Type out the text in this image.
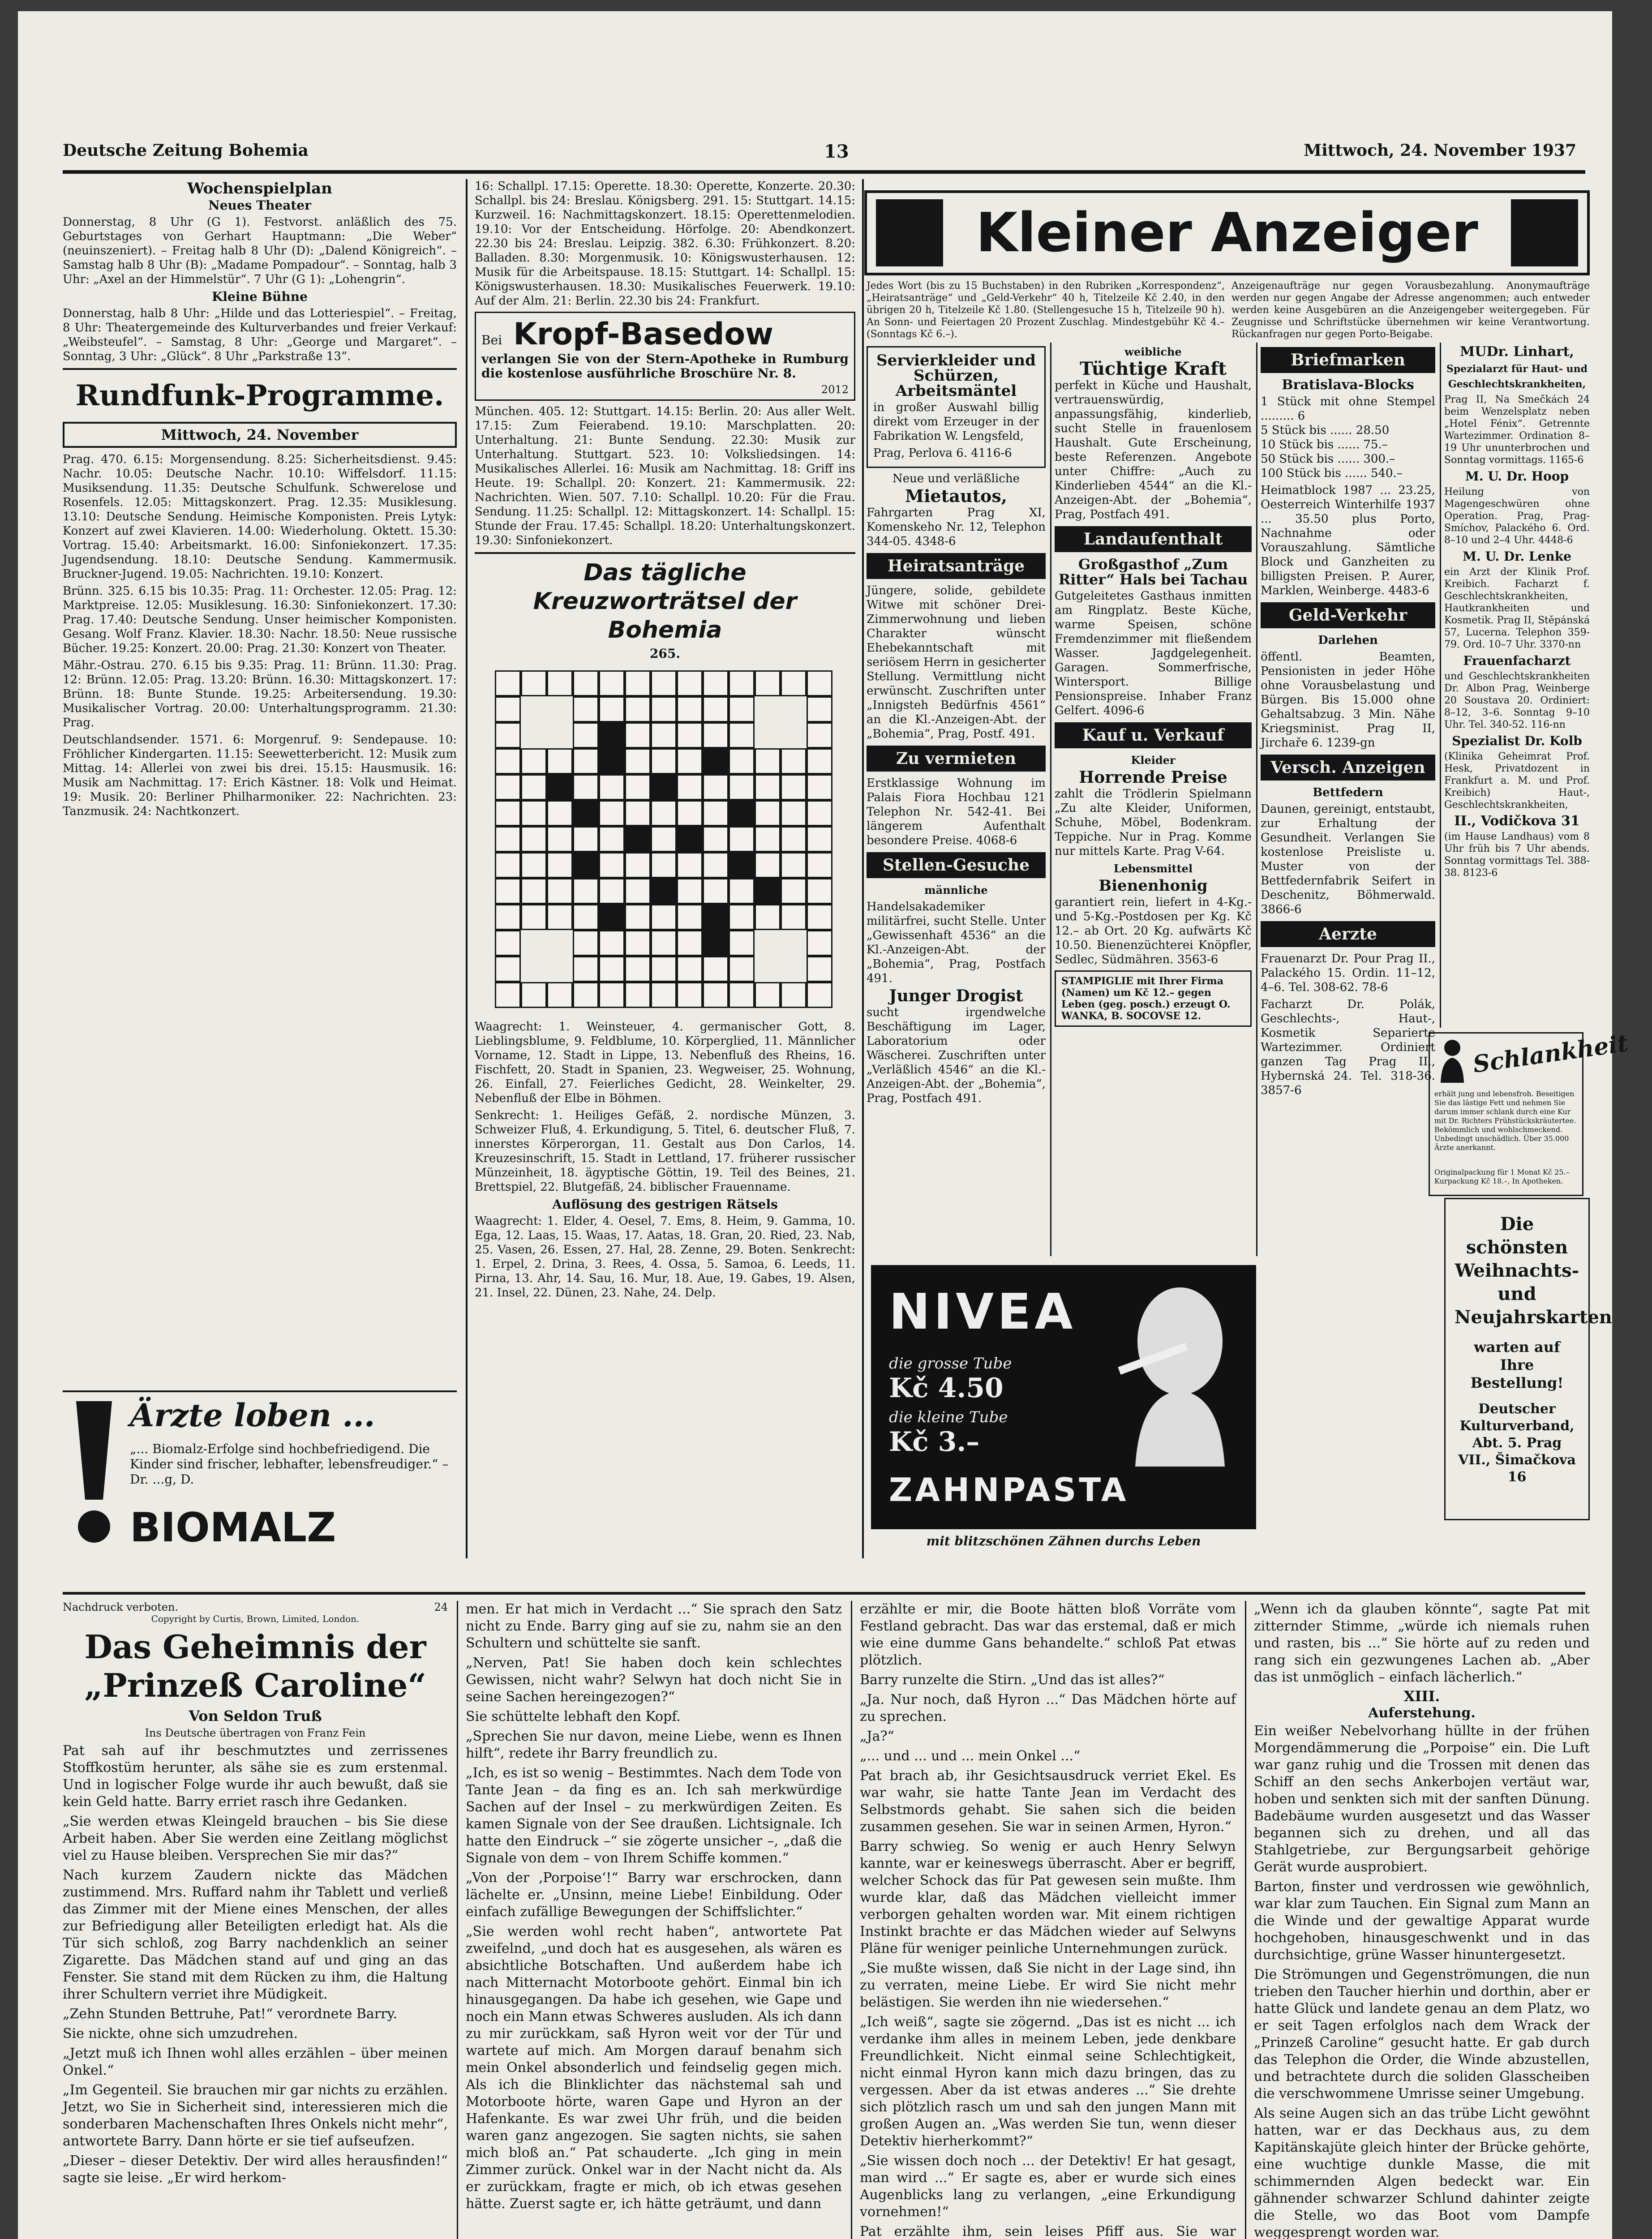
Deutsche Zeitung Bohemia	13	Mittwoch, 24. November 1937
Wochenspielplan
Neues Theater

Donnerstag, 8 Uhr (G 1). Festvorst. anläßlich des 75. Geburtstages von Gerhart Hauptmann: „Die Weber“ (neuinszeniert). – Freitag halb 8 Uhr (D): „Dalend Königreich“. – Samstag halb 8 Uhr (B): „Madame Pompadour“. – Sonntag, halb 3 Uhr: „Axel an der Himmelstür“. 7 Uhr (G 1): „Lohengrin“.

Kleine Bühne

Donnerstag, halb 8 Uhr: „Hilde und das Lotteriespiel“. – Freitag, 8 Uhr: Theatergemeinde des Kulturverbandes und freier Verkauf: „Weibsteufel“. – Samstag, 8 Uhr: „George und Margaret“. – Sonntag, 3 Uhr: „Glück“. 8 Uhr „Parkstraße 13“.

Rundfunk-Programme.
Mittwoch, 24. November

Prag. 470. 6.15: Morgensendung. 8.25: Sicherheitsdienst. 9.45: Nachr. 10.05: Deutsche Nachr. 10.10: Wiffelsdorf. 11.15: Musiksendung. 11.35: Deutsche Schulfunk. Schwerelose und Rosenfels. 12.05: Mittagskonzert. Prag. 12.35: Musiklesung. 13.10: Deutsche Sendung. Heimische Komponisten. Preis Lytyk: Konzert auf zwei Klavieren. 14.00: Wiederholung. Oktett. 15.30: Vortrag. 15.40: Arbeitsmarkt. 16.00: Sinfoniekonzert. 17.35: Jugendsendung. 18.10: Deutsche Sendung. Kammermusik. Bruckner-Jugend. 19.05: Nachrichten. 19.10: Konzert.

Brünn. 325. 6.15 bis 10.35: Prag. 11: Orchester. 12.05: Prag. 12: Marktpreise. 12.05: Musiklesung. 16.30: Sinfoniekonzert. 17.30: Prag. 17.40: Deutsche Sendung. Unser heimischer Komponisten. Gesang. Wolf Franz. Klavier. 18.30: Nachr. 18.50: Neue russische Bücher. 19.25: Konzert. 20.00: Prag. 21.30: Konzert von Theater.

Mähr.-Ostrau. 270. 6.15 bis 9.35: Prag. 11: Brünn. 11.30: Prag. 12: Brünn. 12.05: Prag. 13.20: Brünn. 16.30: Mittagskonzert. 17: Brünn. 18: Bunte Stunde. 19.25: Arbeitersendung. 19.30: Musikalischer Vortrag. 20.00: Unterhaltungsprogramm. 21.30: Prag.

Deutschlandsender. 1571. 6: Morgenruf. 9: Sendepause. 10: Fröhlicher Kindergarten. 11.15: Seewetterbericht. 12: Musik zum Mittag. 14: Allerlei von zwei bis drei. 15.15: Hausmusik. 16: Musik am Nachmittag. 17: Erich Kästner. 18: Volk und Heimat. 19: Musik. 20: Berliner Philharmoniker. 22: Nachrichten. 23: Tanzmusik. 24: Nachtkonzert.

Ärzte loben ...
„... Biomalz-Erfolge sind hochbefriedigend. Die Kinder sind frischer, lebhafter, lebensfreudiger.“ – Dr. ...g, D.
BIOMALZ

16: Schallpl. 17.15: Operette. 18.30: Operette, Konzerte. 20.30: Schallpl. bis 24: Breslau. Königsberg. 291. 15: Stuttgart. 14.15: Kurzweil. 16: Nachmittagskonzert. 18.15: Operettenmelodien. 19.10: Vor der Entscheidung. Hörfolge. 20: Abendkonzert. 22.30 bis 24: Breslau. Leipzig. 382. 6.30: Frühkonzert. 8.20: Balladen. 8.30: Morgenmusik. 10: Königswusterhausen. 12: Musik für die Arbeitspause. 18.15: Stuttgart. 14: Schallpl. 15: Königswusterhausen. 18.30: Musikalisches Feuerwerk. 19.10: Auf der Alm. 21: Berlin. 22.30 bis 24: Frankfurt.

Bei Kropf-Basedow

verlangen Sie von der Stern-Apotheke in Rumburg die kostenlose ausführliche Broschüre Nr. 8.

2012

München. 405. 12: Stuttgart. 14.15: Berlin. 20: Aus aller Welt. 17.15: Zum Feierabend. 19.10: Marschplatten. 20: Unterhaltung. 21: Bunte Sendung. 22.30: Musik zur Unterhaltung. Stuttgart. 523. 10: Volksliedsingen. 14: Musikalisches Allerlei. 16: Musik am Nachmittag. 18: Griff ins Heute. 19: Schallpl. 20: Konzert. 21: Kammermusik. 22: Nachrichten. Wien. 507. 7.10: Schallpl. 10.20: Für die Frau. Sendung. 11.25: Schallpl. 12: Mittagskonzert. 14: Schallpl. 15: Stunde der Frau. 17.45: Schallpl. 18.20: Unterhaltungskonzert. 19.30: Sinfoniekonzert.

Das tägliche Kreuzworträtsel der Bohemia
265.

Waagrecht: 1. Weinsteuer, 4. germanischer Gott, 8. Lieblingsblume, 9. Feldblume, 10. Körperglied, 11. Männlicher Vorname, 12. Stadt in Lippe, 13. Nebenfluß des Rheins, 16. Fischfett, 20. Stadt in Spanien, 23. Wegweiser, 25. Wohnung, 26. Einfall, 27. Feierliches Gedicht, 28. Weinkelter, 29. Nebenfluß der Elbe in Böhmen.

Senkrecht: 1. Heiliges Gefäß, 2. nordische Münzen, 3. Schweizer Fluß, 4. Erkundigung, 5. Titel, 6. deutscher Fluß, 7. innerstes Körperorgan, 11. Gestalt aus Don Carlos, 14. Kreuzesinschrift, 15. Stadt in Lettland, 17. früherer russischer Münzeinheit, 18. ägyptische Göttin, 19. Teil des Beines, 21. Brettspiel, 22. Blutgefäß, 24. biblischer Frauenname.

Auflösung des gestrigen Rätsels

Waagrecht: 1. Elder, 4. Oesel, 7. Ems, 8. Heim, 9. Gamma, 10. Ega, 12. Laas, 15. Waas, 17. Aatas, 18. Gran, 20. Ried, 23. Nab, 25. Vasen, 26. Essen, 27. Hal, 28. Zenne, 29. Boten. Senkrecht: 1. Erpel, 2. Drina, 3. Rees, 4. Ossa, 5. Samoa, 6. Leeds, 11. Pirna, 13. Ahr, 14. Sau, 16. Mur, 18. Aue, 19. Gabes, 19. Alsen, 21. Insel, 22. Dünen, 23. Nahe, 24. Delp.

Kleiner Anzeiger

Jedes Wort (bis zu 15 Buchstaben) in den Rubriken „Korrespondenz“, „Heiratsanträge“ und „Geld-Verkehr“ 40 h, Titelzeile Kč 2.40, in den übrigen 20 h, Titelzeile Kč 1.80. (Stellengesuche 15 h, Titelzeile 90 h). An Sonn- und Feiertagen 20 Prozent Zuschlag. Mindestgebühr Kč 4.– (Sonntags Kč 6.–).

Anzeigenaufträge nur gegen Vorausbezahlung. Anonymaufträge werden nur gegen Angabe der Adresse angenommen; auch entweder werden keine Ausgebüren an die Anzeigengeber weitergegeben. Für Zeugnisse und Schriftstücke übernehmen wir keine Verantwortung. Rückanfragen nur gegen Porto-Beigabe.

Servierkleider und Schürzen, Arbeitsmäntel

in großer Auswahl billig direkt vom Erzeuger in der Fabrikation W. Lengsfeld,

Prag, Perlova 6. 4116-6

Neue und verläßliche

Mietautos,

Fahrgarten Prag XI, Komenskeho Nr. 12, Telephon 344-05. 4348-6

Heiratsanträge

Jüngere, solide, gebildete Witwe mit schöner Drei-Zimmerwohnung und lieben Charakter wünscht Ehebekanntschaft mit seriösem Herrn in gesicherter Stellung. Vermittlung nicht erwünscht. Zuschriften unter „Innigsteh Bedürfnis 4561“ an die Kl.-Anzeigen-Abt. der „Bohemia“, Prag, Postf. 491.

Zu vermieten

Erstklassige Wohnung im Palais Fiora Hochbau 121 Telephon Nr. 542-41. Bei längerem Aufenthalt besondere Preise. 4068-6

Stellen-Gesuche
männliche

Handelsakademiker militärfrei, sucht Stelle. Unter „Gewissenhaft 4536“ an die Kl.-Anzeigen-Abt. der „Bohemia“, Prag, Postfach 491.

Junger Drogist

sucht irgendwelche Beschäftigung im Lager, Laboratorium oder Wäscherei. Zuschriften unter „Verläßlich 4546“ an die Kl.-Anzeigen-Abt. der „Bohemia“, Prag, Postfach 491.

weibliche
Tüchtige Kraft

perfekt in Küche und Haushalt, vertrauenswürdig, anpassungsfähig, kinderlieb, sucht Stelle in frauenlosem Haushalt. Gute Erscheinung, beste Referenzen. Angebote unter Chiffre: „Auch zu Kinderlieben 4544“ an die Kl.-Anzeigen-Abt. der „Bohemia“, Prag, Postfach 491.

Landaufenthalt
Großgasthof „Zum Ritter“ Hals bei Tachau

Gutgeleitetes Gasthaus inmitten am Ringplatz. Beste Küche, warme Speisen, schöne Fremdenzimmer mit fließendem Wasser. Jagdgelegenheit. Garagen. Sommerfrische, Wintersport. Billige Pensionspreise. Inhaber Franz Gelfert. 4096-6

Kauf u. Verkauf
Kleider
Horrende Preise

zahlt die Trödlerin Spielmann „Zu alte Kleider, Uniformen, Schuhe, Möbel, Bodenkram. Teppiche. Nur in Prag. Komme nur mittels Karte. Prag V-64.

Lebensmittel
Bienenhonig

garantiert rein, liefert in 4-Kg.- und 5-Kg.-Postdosen per Kg. Kč 12.– ab Ort. 20 Kg. aufwärts Kč 10.50. Bienenzüchterei Knöpfler, Sedlec, Südmähren. 3563-6

STAMPIGLIE mit Ihrer Firma (Namen) um Kč 12.– gegen Leben (geg. posch.) erzeugt O. WANKA, B. SOCOVSE 12.
Briefmarken
Bratislava-Blocks

1 Stück mit ohne Stempel ......... 6

5 Stück bis ...... 28.50

10 Stück bis ...... 75.–

50 Stück bis ...... 300.–

100 Stück bis ...... 540.–

Heimatblock 1987 ... 23.25, Oesterreich Winterhilfe 1937 ... 35.50 plus Porto, Nachnahme oder Vorauszahlung. Sämtliche Block und Ganzheiten zu billigsten Preisen. P. Aurer, Marklen, Weinberge. 4483-6

Geld-Verkehr
Darlehen

öffentl. Beamten, Pensionisten in jeder Höhe ohne Vorausbelastung und Bürgen. Bis 15.000 ohne Gehaltsabzug. 3 Min. Nähe Kriegsminist. Prag II, Jirchaře 6. 1239-gn

Versch. Anzeigen
Bettfedern

Daunen, gereinigt, entstaubt, zur Erhaltung der Gesundheit. Verlangen Sie kostenlose Preisliste u. Muster von der Bettfedernfabrik Seifert in Deschenitz, Böhmerwald. 3866-6

Aerzte

Frauenarzt Dr. Pour Prag II., Palackého 15. Ordin. 11–12, 4–6. Tel. 308-62. 78-6

Facharzt Dr. Polák, Geschlechts-, Haut-, Kosmetik Separierte Wartezimmer. Ordiniert ganzen Tag Prag II., Hybernská 24. Tel. 318-36. 3857-6

MUDr. Linhart,
Spezialarzt für Haut- und Geschlechtskrankheiten,

Prag II, Na Smečkách 24 beim Wenzelsplatz neben „Hotel Fénix“. Getrennte Wartezimmer. Ordination 8–19 Uhr ununterbrochen und Sonntag vormittags. 1165-6

M. U. Dr. Hoop

Heilung von Magengeschwüren ohne Operation. Prag, Prag-Smíchov, Palackého 6. Ord. 8–10 und 2–4 Uhr. 4448-6

M. U. Dr. Lenke

ein Arzt der Klinik Prof. Kreibich. Facharzt f. Geschlechtskrankheiten, Hautkrankheiten und Kosmetik. Prag II, Stěpánská 57, Lucerna. Telephon 359-79. Ord. 10–7 Uhr. 3370-nn

Frauenfacharzt

und Geschlechtskrankheiten Dr. Albon Prag, Weinberge 20 Soustava 20. Ordiniert: 8–12, 3–6. Sonntag 9–10 Uhr. Tel. 340-52. 116-nn

Spezialist Dr. Kolb

(Klinika Geheimrat Prof. Hesk, Privatdozent in Frankfurt a. M. und Prof. Kreibich) Haut-, Geschlechtskrankheiten,

II., Vodičkova 31

(im Hause Landhaus) vom 8 Uhr früh bis 7 Uhr abends. Sonntag vormittags Tel. 388-38. 8123-6

Schlankheit
erhält jung und lebensfroh. Beseitigen Sie das lästige Fett und nehmen Sie darum immer schlank durch eine Kur mit Dr. Richters Frühstückskräutertee. Bekömmlich und wohlschmeckend. Unbedingt unschädlich. Über 35.000 Ärzte anerkannt.
Originalpackung für 1 Monat Kč 25.– Kurpackung Kč 18.–, In Apotheken.
Die schönsten Weihnachts- und Neujahrskarten
warten auf Ihre Bestellung!
Deutscher Kulturverband, Abt. 5. Prag VII., Šimačkova 16
NIVEA
die grosse Tube
Kč 4.50
die kleine Tube
Kč 3.–
ZAHNPASTA
mit blitzschönen Zähnen durchs Leben
Nachdruck verboten.	24
Copyright by Curtis, Brown, Limited, London.
Das Geheimnis der „Prinzeß Caroline“
Von Seldon Truß
Ins Deutsche übertragen von Franz Fein

Pat sah auf ihr beschmutztes und zerrissenes Stoffkostüm herunter, als sähe sie es zum erstenmal. Und in logischer Folge wurde ihr auch bewußt, daß sie kein Geld hatte. Barry erriet rasch ihre Gedanken.

„Sie werden etwas Kleingeld brauchen – bis Sie diese Arbeit haben. Aber Sie werden eine Zeitlang möglichst viel zu Hause bleiben. Versprechen Sie mir das?“

Nach kurzem Zaudern nickte das Mädchen zustimmend. Mrs. Ruffard nahm ihr Tablett und verließ das Zimmer mit der Miene eines Menschen, der alles zur Befriedigung aller Beteiligten erledigt hat. Als die Tür sich schloß, zog Barry nachdenklich an seiner Zigarette. Das Mädchen stand auf und ging an das Fenster. Sie stand mit dem Rücken zu ihm, die Haltung ihrer Schultern verriet ihre Müdigkeit.

„Zehn Stunden Bettruhe, Pat!“ verordnete Barry.

Sie nickte, ohne sich umzudrehen.

„Jetzt muß ich Ihnen wohl alles erzählen – über meinen Onkel.“

„Im Gegenteil. Sie brauchen mir gar nichts zu erzählen. Jetzt, wo Sie in Sicherheit sind, interessieren mich die sonderbaren Machenschaften Ihres Onkels nicht mehr“, antwortete Barry. Dann hörte er sie tief aufseufzen.

„Dieser – dieser Detektiv. Der wird alles herausfinden!“ sagte sie leise. „Er wird herkom-

men. Er hat mich in Verdacht ...“ Sie sprach den Satz nicht zu Ende. Barry ging auf sie zu, nahm sie an den Schultern und schüttelte sie sanft.

„Nerven, Pat! Sie haben doch kein schlechtes Gewissen, nicht wahr? Selwyn hat doch nicht Sie in seine Sachen hereingezogen?“

Sie schüttelte lebhaft den Kopf.

„Sprechen Sie nur davon, meine Liebe, wenn es Ihnen hilft“, redete ihr Barry freundlich zu.

„Ich, es ist so wenig – Bestimmtes. Nach dem Tode von Tante Jean – da fing es an. Ich sah merkwürdige Sachen auf der Insel – zu merkwürdigen Zeiten. Es kamen Signale von der See draußen. Lichtsignale. Ich hatte den Eindruck –“ sie zögerte unsicher –, „daß die Signale von dem – von Ihrem Schiffe kommen.“

„Von der ‚Porpoise‘!“ Barry war erschrocken, dann lächelte er. „Unsinn, meine Liebe! Einbildung. Oder einfach zufällige Bewegungen der Schiffslichter.“

„Sie werden wohl recht haben“, antwortete Pat zweifelnd, „und doch hat es ausgesehen, als wären es absichtliche Botschaften. Und außerdem habe ich nach Mitternacht Motorboote gehört. Einmal bin ich hinausgegangen. Da habe ich gesehen, wie Gape und noch ein Mann etwas Schweres ausluden. Als ich dann zu mir zurückkam, saß Hyron weit vor der Tür und wartete auf mich. Am Morgen darauf benahm sich mein Onkel absonderlich und feindselig gegen mich. Als ich die Blinklichter das nächstemal sah und Motorboote hörte, waren Gape und Hyron an der Hafenkante. Es war zwei Uhr früh, und die beiden waren ganz angezogen. Sie sagten nichts, sie sahen mich bloß an.“ Pat schauderte. „Ich ging in mein Zimmer zurück. Onkel war in der Nacht nicht da. Als er zurückkam, fragte er mich, ob ich etwas gesehen hätte. Zuerst sagte er, ich hätte geträumt, und dann

erzählte er mir, die Boote hätten bloß Vorräte vom Festland gebracht. Das war das erstemal, daß er mich wie eine dumme Gans behandelte.“ schloß Pat etwas plötzlich.

Barry runzelte die Stirn. „Und das ist alles?“

„Ja. Nur noch, daß Hyron ...“ Das Mädchen hörte auf zu sprechen.

„Ja?“

„... und ... und ... mein Onkel ...“

Pat brach ab, ihr Gesichtsausdruck verriet Ekel. Es war wahr, sie hatte Tante Jean im Verdacht des Selbstmords gehabt. Sie sahen sich die beiden zusammen gesehen. Sie war in seinen Armen, Hyron.“

Barry schwieg. So wenig er auch Henry Selwyn kannte, war er keineswegs überrascht. Aber er begriff, welcher Schock das für Pat gewesen sein mußte. Ihm wurde klar, daß das Mädchen vielleicht immer verborgen gehalten worden war. Mit einem richtigen Instinkt brachte er das Mädchen wieder auf Selwyns Pläne für weniger peinliche Unternehmungen zurück.

„Sie mußte wissen, daß Sie nicht in der Lage sind, ihn zu verraten, meine Liebe. Er wird Sie nicht mehr belästigen. Sie werden ihn nie wiedersehen.“

„Ich weiß“, sagte sie zögernd. „Das ist es nicht ... ich verdanke ihm alles in meinem Leben, jede denkbare Freundlichkeit. Nicht einmal seine Schlechtigkeit, nicht einmal Hyron kann mich dazu bringen, das zu vergessen. Aber da ist etwas anderes ...“ Sie drehte sich plötzlich rasch um und sah den jungen Mann mit großen Augen an. „Was werden Sie tun, wenn dieser Detektiv hierherkommt?“

„Sie wissen doch noch ... der Detektiv! Er hat gesagt, man wird ...“ Er sagte es, aber er wurde sich eines Augenblicks lang zu verlangen, „eine Erkundigung vornehmen!“

Pat erzählte ihm, sein leises Pfiff aus. Sie war

„Wenn ich da glauben könnte“, sagte Pat mit zitternder Stimme, „würde ich niemals ruhen und rasten, bis ...“ Sie hörte auf zu reden und rang sich ein gezwungenes Lachen ab. „Aber das ist unmöglich – einfach lächerlich.“

XIII.
Auferstehung.

Ein weißer Nebelvorhang hüllte in der frühen Morgendämmerung die „Porpoise“ ein. Die Luft war ganz ruhig und die Trossen mit denen das Schiff an den sechs Ankerbojen vertäut war, hoben und senkten sich mit der sanften Dünung. Badebäume wurden ausgesetzt und das Wasser begannen sich zu drehen, und all das Stahlgetriebe, zur Bergungsarbeit gehörige Gerät wurde ausprobiert.

Barton, finster und verdrossen wie gewöhnlich, war klar zum Tauchen. Ein Signal zum Mann an die Winde und der gewaltige Apparat wurde hochgehoben, hinausgeschwenkt und in das durchsichtige, grüne Wasser hinuntergesetzt.

Die Strömungen und Gegenströmungen, die nun trieben den Taucher hierhin und dorthin, aber er hatte Glück und landete genau an dem Platz, wo er seit Tagen erfolglos nach dem Wrack der „Prinzeß Caroline“ gesucht hatte. Er gab durch das Telephon die Order, die Winde abzustellen, und betrachtete durch die soliden Glasscheiben die verschwommene Umrisse seiner Umgebung.

Als seine Augen sich an das trübe Licht gewöhnt hatten, war er das Deckhaus aus, zu dem Kapitänskajüte gleich hinter der Brücke gehörte, eine wuchtige dunkle Masse, die mit schimmernden Algen bedeckt war. Ein gähnender schwarzer Schlund dahinter zeigte die Stelle, wo das Boot vom Dampfe weggesprengt worden war.
